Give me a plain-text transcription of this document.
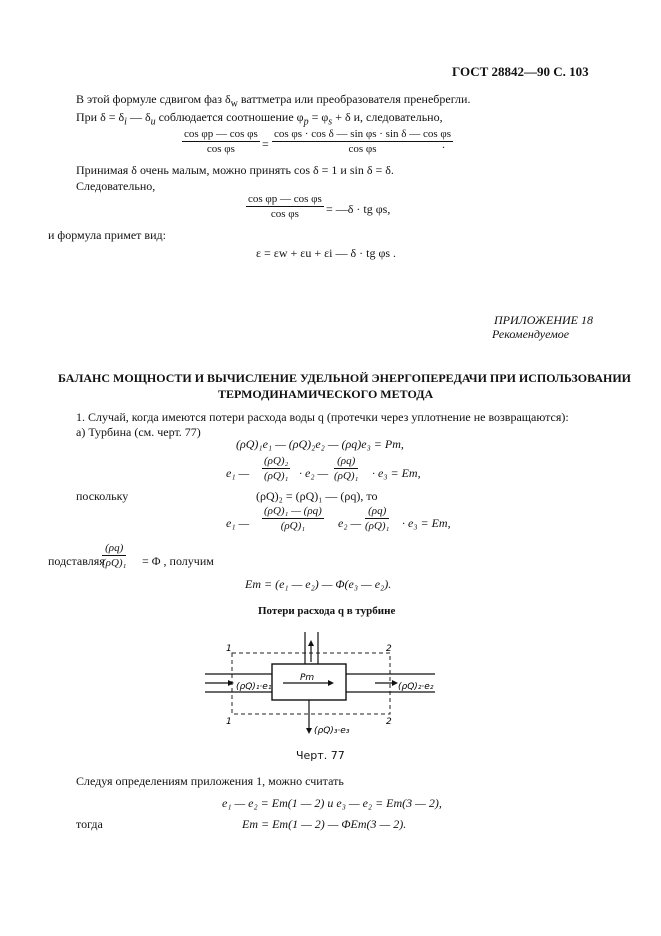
ГОСТ 28842—90 С. 103
В этой формуле сдвигом фаз $\delta_w$ ваттметра или преобразователя пренебрегли.
При $\delta = \delta_i$ — $\delta_u$ соблюдается соотношение $\varphi_p = \varphi_s + \delta$ и, следовательно,
$\frac{\text{cos φp — cos φs}}{\text{cos φs}} = \frac{\text{cos φs · cos δ — sin φs · sin δ — cos φs}}{\text{cos φs}}$
.
Принимая δ очень малым, можно принять cos δ = 1 и sin δ = δ.
Следовательно,
$\frac{\text{cos φp — cos φs}}{\text{cos φs}}$ = —δ · tg φs,
и формула примет вид:
ε = εw + εu + εi — δ · tg φs .
ПРИЛОЖЕНИЕ 18
Рекомендуемое
БАЛАНС МОЩНОСТИ И ВЫЧИСЛЕНИЕ УДЕЛЬНОЙ ЭНЕРГОПЕРЕДАЧИ ПРИ ИСПОЛЬЗОВАНИИ
ТЕРМОДИНАМИЧЕСКОГО МЕТОДА
1. Случай, когда имеются потери расхода воды q (протечки через уплотнение не возвращаются):
а) Турбина (см. черт. 77)
(ρQ)₁e₁ — (ρQ)₂e₂ — (ρq)e₃ = Pm,
e₁ — $\frac{\text{(ρQ)₂}}{\text{(ρQ)₁}} \cdot e_2$ — $\frac{(\rho q)}{\text{(ρQ)₁}} \cdot e_3 = Em$,
поскольку	(ρQ)₂ = (ρQ)₁ — (ρq), то
e₁ — $\frac{\text{(ρQ)₁ — (ρq)}}{\text{(ρQ)₁}} e_2$ — $\frac{(\rho q)}{\text{(ρQ)₁}} \cdot e_3 = Em$,
подставляя
$\frac{(\rho q)}{\text{(ρQ)₁}} = \Phi$ , получим
Em = (e₁ — e₂) — Φ(e₃ — e₂).
Потери расхода q в турбине
Pm
(ρQ)₁·e₁	(ρQ)₂·e₂
(ρQ)₃·e₃
1
1
2
2
Черт. 77
Следуя определениям приложения 1, можно считать
e₁ — e₂ = Em(1 — 2) и e₃ — e₂ = Em(3 — 2),
тогда	Em = Em(1 — 2) — ΦEm(3 — 2).
